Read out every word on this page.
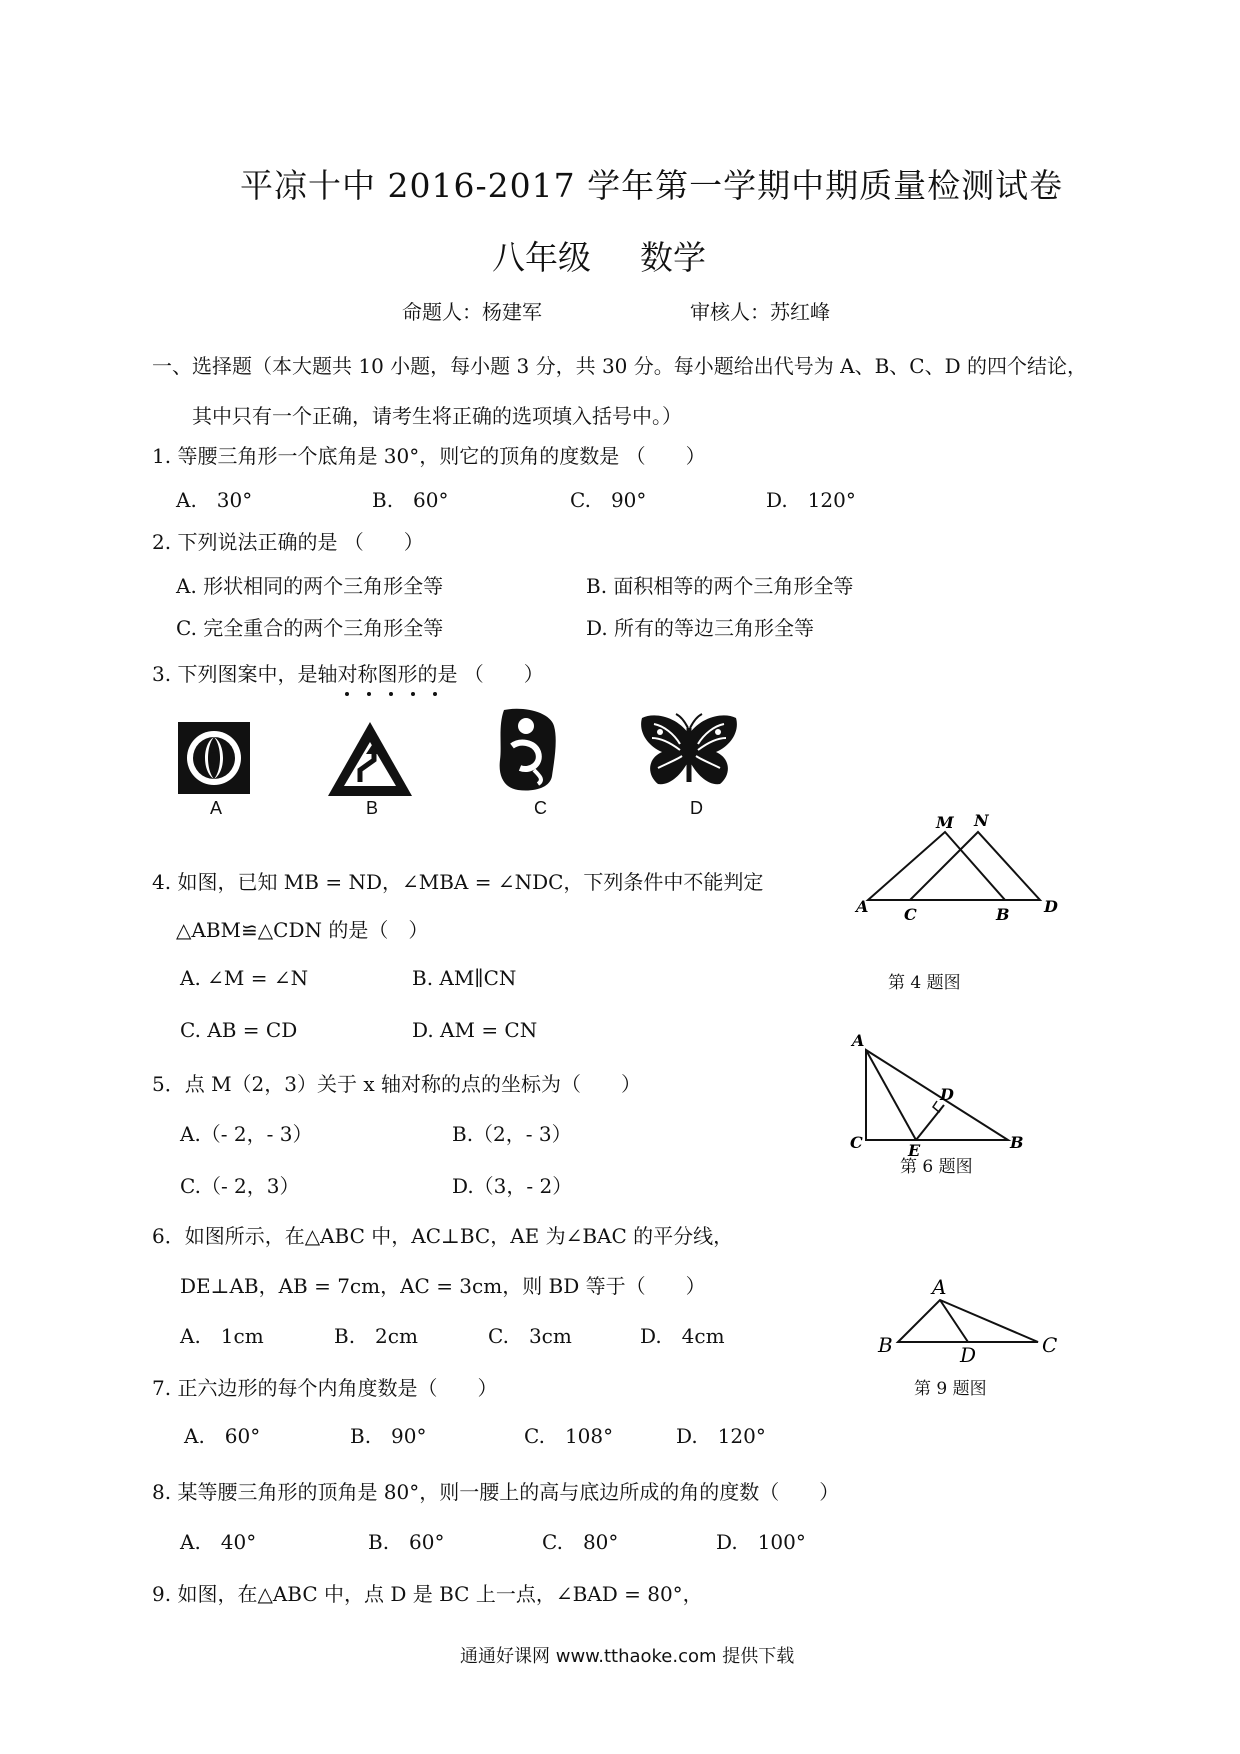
平凉十中 2016-2017 学年第一学期中期质量检测试卷
八年级 数学
命题人：杨建军	审核人：苏红峰
一、选择题（本大题共 10 小题，每小题 3 分，共 30 分。每小题给出代号为 A、B、C、D 的四个结论，
其中只有一个正确，请考生将正确的选项填入括号中。）
1. 等腰三角形一个底角是 30°，则它的顶角的度数是 （　　）
A.　30°	B.　60°	C.　90°	D.　120°
2. 下列说法正确的是 （　　）
A. 形状相同的两个三角形全等	B. 面积相等的两个三角形全等
C. 完全重合的两个三角形全等	D. 所有的等边三角形全等
3. 下列图案中，是轴对称图形的是 （　　）
A	B	C	D
4. 如图，已知 MB = ND，∠MBA = ∠NDC，下列条件中不能判定
△ABM≌△CDN 的是（　）
A. ∠M = ∠N	B. AM∥CN
C. AB = CD	D. AM = CN
M N
A C	B D
第 4 题图
5．点 M（2，3）关于 x 轴对称的点的坐标为（　　）
A.（- 2，- 3）	B.（2，- 3）
C.（- 2，3）	D.（3，- 2）
A
D
C	E	B
第 6 题图
6．如图所示，在△ABC 中，AC⊥BC，AE 为∠BAC 的平分线，
DE⊥AB，AB = 7cm，AC = 3cm，则 BD 等于（　　）
A.　1cm	B.　2cm	C.　3cm	D.　4cm
A
B	D	C
第 9 题图
7. 正六边形的每个内角度数是（　　）
A.　60°	B.　90°	C.　108°	D.　120°
8. 某等腰三角形的顶角是 80°，则一腰上的高与底边所成的角的度数（　　）
A.　40°	B.　60°	C.　80°	D.　100°
9. 如图，在△ABC 中，点 D 是 BC 上一点，∠BAD = 80°，
通通好课网 www.tthaoke.com 提供下载
